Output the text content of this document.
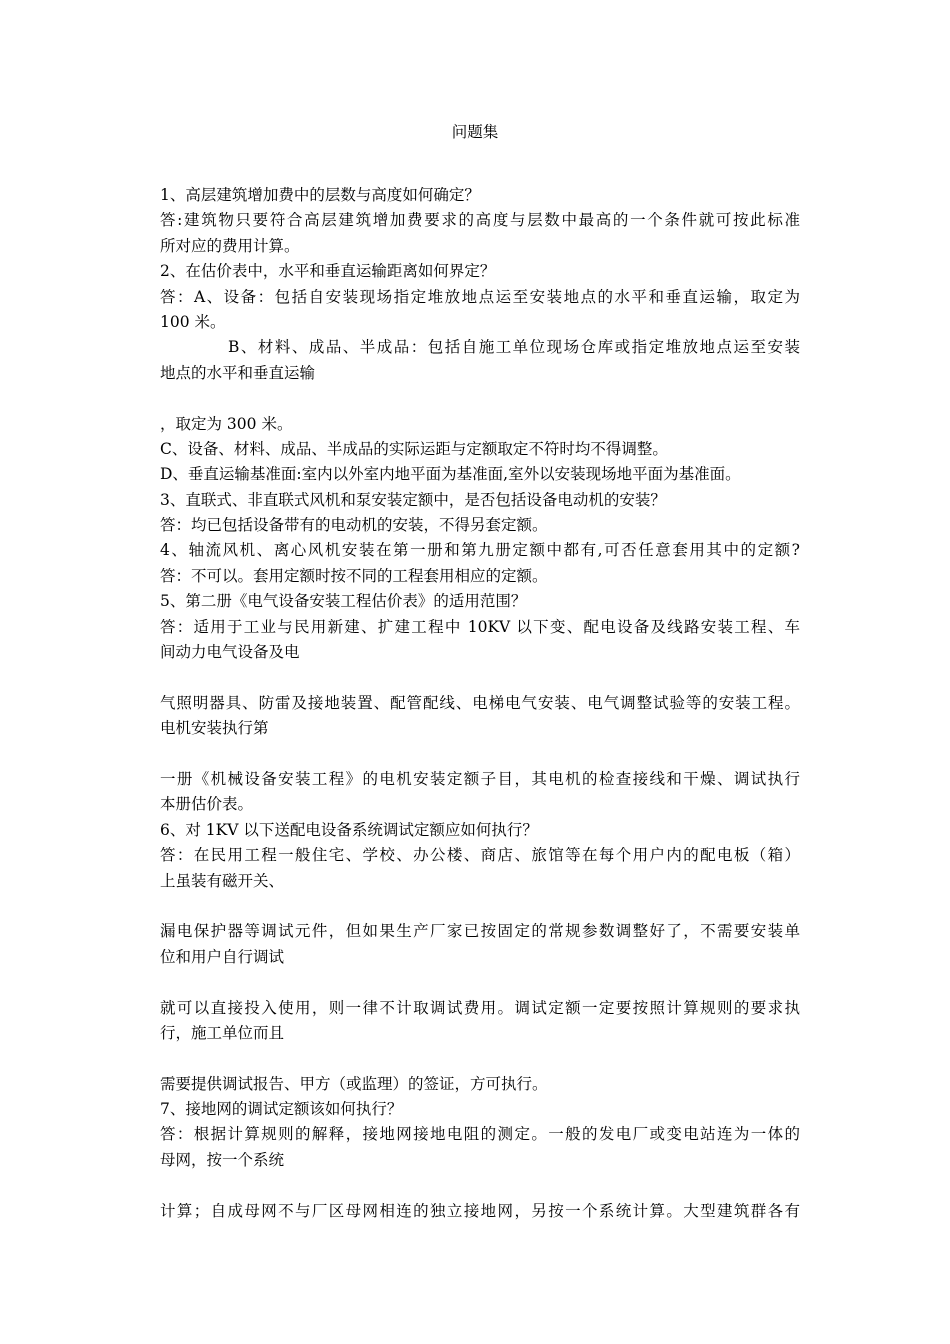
问题集
1、高层建筑增加费中的层数与高度如何确定？
答:建筑物只要符合高层建筑增加费要求的高度与层数中最高的一个条件就可按此标准
所对应的费用计算。
2、在估价表中，水平和垂直运输距离如何界定？
答：A、设备：包括自安装现场指定堆放地点运至安装地点的水平和垂直运输，取定为
100 米。
B、材料、成品、半成品：包括自施工单位现场仓库或指定堆放地点运至安装
地点的水平和垂直运输
，取定为 300 米。
C、设备、材料、成品、半成品的实际运距与定额取定不符时均不得调整。
D、垂直运输基准面:室内以外室内地平面为基准面,室外以安装现场地平面为基准面。
3、直联式、非直联式风机和泵安装定额中，是否包括设备电动机的安装？
答：均已包括设备带有的电动机的安装，不得另套定额。
4、轴流风机、离心风机安装在第一册和第九册定额中都有,可否任意套用其中的定额?
答：不可以。套用定额时按不同的工程套用相应的定额。
5、第二册《电气设备安装工程估价表》的适用范围？
答：适用于工业与民用新建、扩建工程中 10KV 以下变、配电设备及线路安装工程、车
间动力电气设备及电
气照明器具、防雷及接地装置、配管配线、电梯电气安装、电气调整试验等的安装工程。
电机安装执行第
一册《机械设备安装工程》的电机安装定额子目，其电机的检查接线和干燥、调试执行
本册估价表。
6、对 1KV 以下送配电设备系统调试定额应如何执行？
答：在民用工程一般住宅、学校、办公楼、商店、旅馆等在每个用户内的配电板（箱）
上虽装有磁开关、
漏电保护器等调试元件，但如果生产厂家已按固定的常规参数调整好了，不需要安装单
位和用户自行调试
就可以直接投入使用，则一律不计取调试费用。调试定额一定要按照计算规则的要求执
行，施工单位而且
需要提供调试报告、甲方（或监理）的签证，方可执行。
7、接地网的调试定额该如何执行？
答：根据计算规则的解释，接地网接地电阻的测定。一般的发电厂或变电站连为一体的
母网，按一个系统
计算；自成母网不与厂区母网相连的独立接地网，另按一个系统计算。大型建筑群各有
